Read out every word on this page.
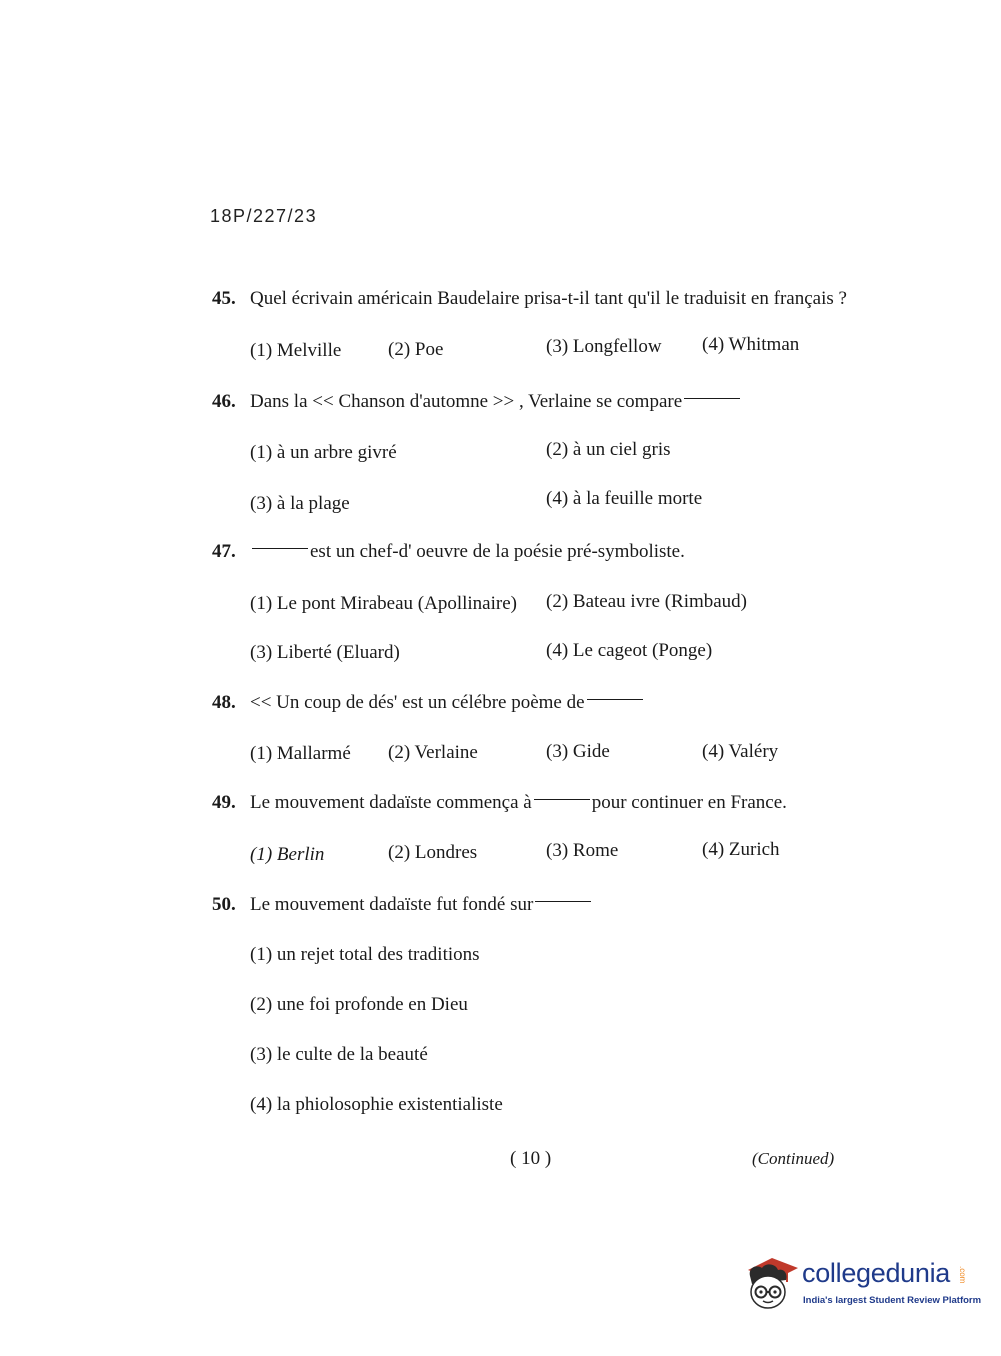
18P/227/23
45. Quel écrivain américain Baudelaire prisa-t-il tant qu'il le traduisit en français ?
(1) Melville (2) Poe	(3) Longfellow (4) Whitman
46. Dans la << Chanson d'automne >> , Verlaine se compare
(1) à un arbre givré	(2) à un ciel gris
(3) à la plage	(4) à la feuille morte
47.	est un chef-d' oeuvre de la poésie pré-symboliste.
(1) Le pont Mirabeau (Apollinaire) (2) Bateau ivre (Rimbaud)
(3) Liberté (Eluard)	(4) Le cageot (Ponge)
48. << Un coup de dés' est un célébre poème de
(1) Mallarmé (2) Verlaine	(3) Gide	(4) Valéry
49. Le mouvement dadaïste commença à	pour continuer en France.
(1) Berlin	(2) Londres	(3) Rome	(4) Zurich
50. Le mouvement dadaïste fut fondé sur
(1) un rejet total des traditions
(2) une foi profonde en Dieu
(3) le culte de la beauté
(4) la phiolosophie existentialiste
( 10 )	(Continued)
collegedunia .com
India's largest Student Review Platform
